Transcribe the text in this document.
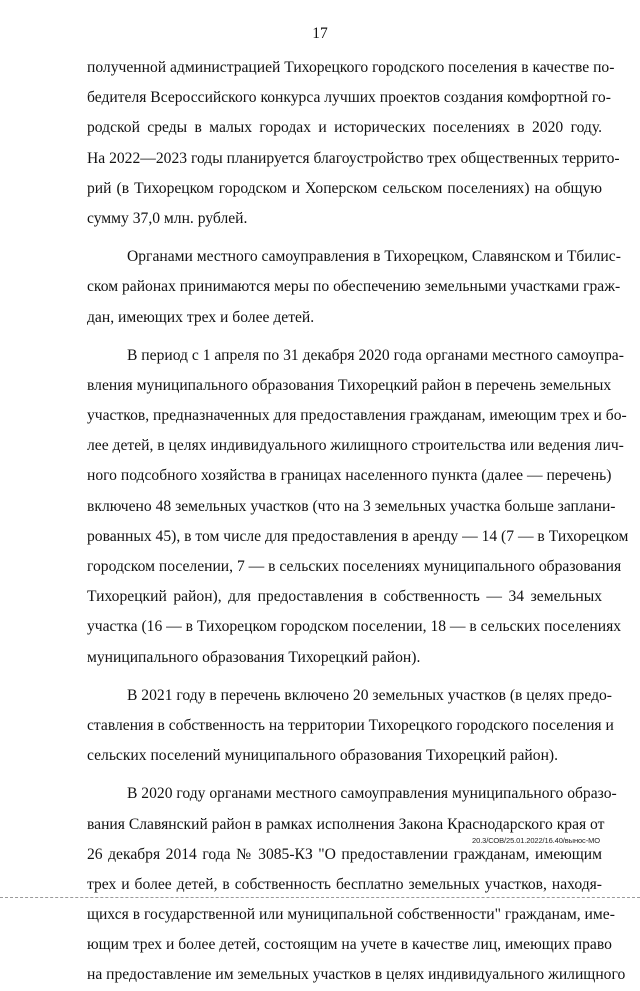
17
полученной администрацией Тихорецкого городского поселения в качестве по-
бедителя Всероссийского конкурса лучших проектов создания комфортной го-
родской среды в малых городах и исторических поселениях в 2020 году.
На 2022—2023 годы планируется благоустройство трех общественных террито-
рий (в Тихорецком городском и Хоперском сельском поселениях) на общую
сумму 37,0 млн. рублей.
Органами местного самоуправления в Тихорецком, Славянском и Тбилис-
ском районах принимаются меры по обеспечению земельными участками граж-
дан, имеющих трех и более детей.
В период с 1 апреля по 31 декабря 2020 года органами местного самоупра-
вления муниципального образования Тихорецкий район в перечень земельных
участков, предназначенных для предоставления гражданам, имеющим трех и бо-
лее детей, в целях индивидуального жилищного строительства или ведения лич-
ного подсобного хозяйства в границах населенного пункта (далее — перечень)
включено 48 земельных участков (что на 3 земельных участка больше заплани-
рованных 45), в том числе для предоставления в аренду — 14 (7 — в Тихорецком
городском поселении, 7 — в сельских поселениях муниципального образования
Тихорецкий район), для предоставления в собственность — 34 земельных
участка (16 — в Тихорецком городском поселении, 18 — в сельских поселениях
муниципального образования Тихорецкий район).
В 2021 году в перечень включено 20 земельных участков (в целях предо-
ставления в собственность на территории Тихорецкого городского поселения и
сельских поселений муниципального образования Тихорецкий район).
В 2020 году органами местного самоуправления муниципального образо-
вания Славянский район в рамках исполнения Закона Краснодарского края от
26 декабря 2014 года № 3085-КЗ "О предоставлении гражданам, имеющим
трех и более детей, в собственность бесплатно земельных участков, находя-
щихся в государственной или муниципальной собственности" гражданам, име-
ющим трех и более детей, состоящим на учете в качестве лиц, имеющих право
на предоставление им земельных участков в целях индивидуального жилищного
20.3/СОВ/25.01.2022/16.40/вынос-МО
